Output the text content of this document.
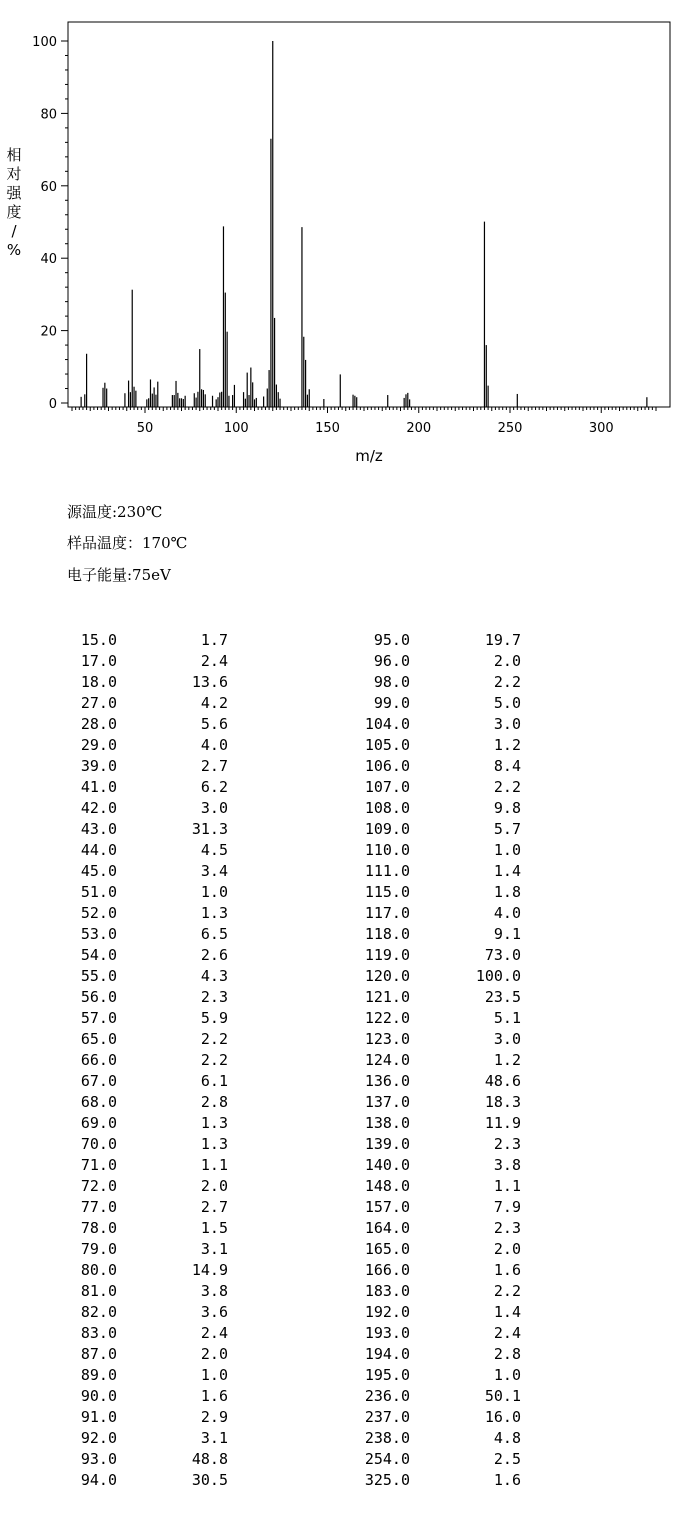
0
20
40
60
80
100
50	100	150	200	250	300
m/z
相对强度/ %
源温度:230℃
样品温度：170℃
电子能量:75eV
15.0	1.7
17.0	2.4
18.0	13.6
27.0	4.2
28.0	5.6
29.0	4.0
39.0	2.7
41.0	6.2
42.0	3.0
43.0	31.3
44.0	4.5
45.0	3.4
51.0	1.0
52.0	1.3
53.0	6.5
54.0	2.6
55.0	4.3
56.0	2.3
57.0	5.9
65.0	2.2
66.0	2.2
67.0	6.1
68.0	2.8
69.0	1.3
70.0	1.3
71.0	1.1
72.0	2.0
77.0	2.7
78.0	1.5
79.0	3.1
80.0	14.9
81.0	3.8
82.0	3.6
83.0	2.4
87.0	2.0
89.0	1.0
90.0	1.6
91.0	2.9
92.0	3.1
93.0	48.8
94.0	30.5
95.0	19.7
96.0	2.0
98.0	2.2
99.0	5.0
104.0	3.0
105.0	1.2
106.0	8.4
107.0	2.2
108.0	9.8
109.0	5.7
110.0	1.0
111.0	1.4
115.0	1.8
117.0	4.0
118.0	9.1
119.0	73.0
120.0	100.0
121.0	23.5
122.0	5.1
123.0	3.0
124.0	1.2
136.0	48.6
137.0	18.3
138.0	11.9
139.0	2.3
140.0	3.8
148.0	1.1
157.0	7.9
164.0	2.3
165.0	2.0
166.0	1.6
183.0	2.2
192.0	1.4
193.0	2.4
194.0	2.8
195.0	1.0
236.0	50.1
237.0	16.0
238.0	4.8
254.0	2.5
325.0	1.6
